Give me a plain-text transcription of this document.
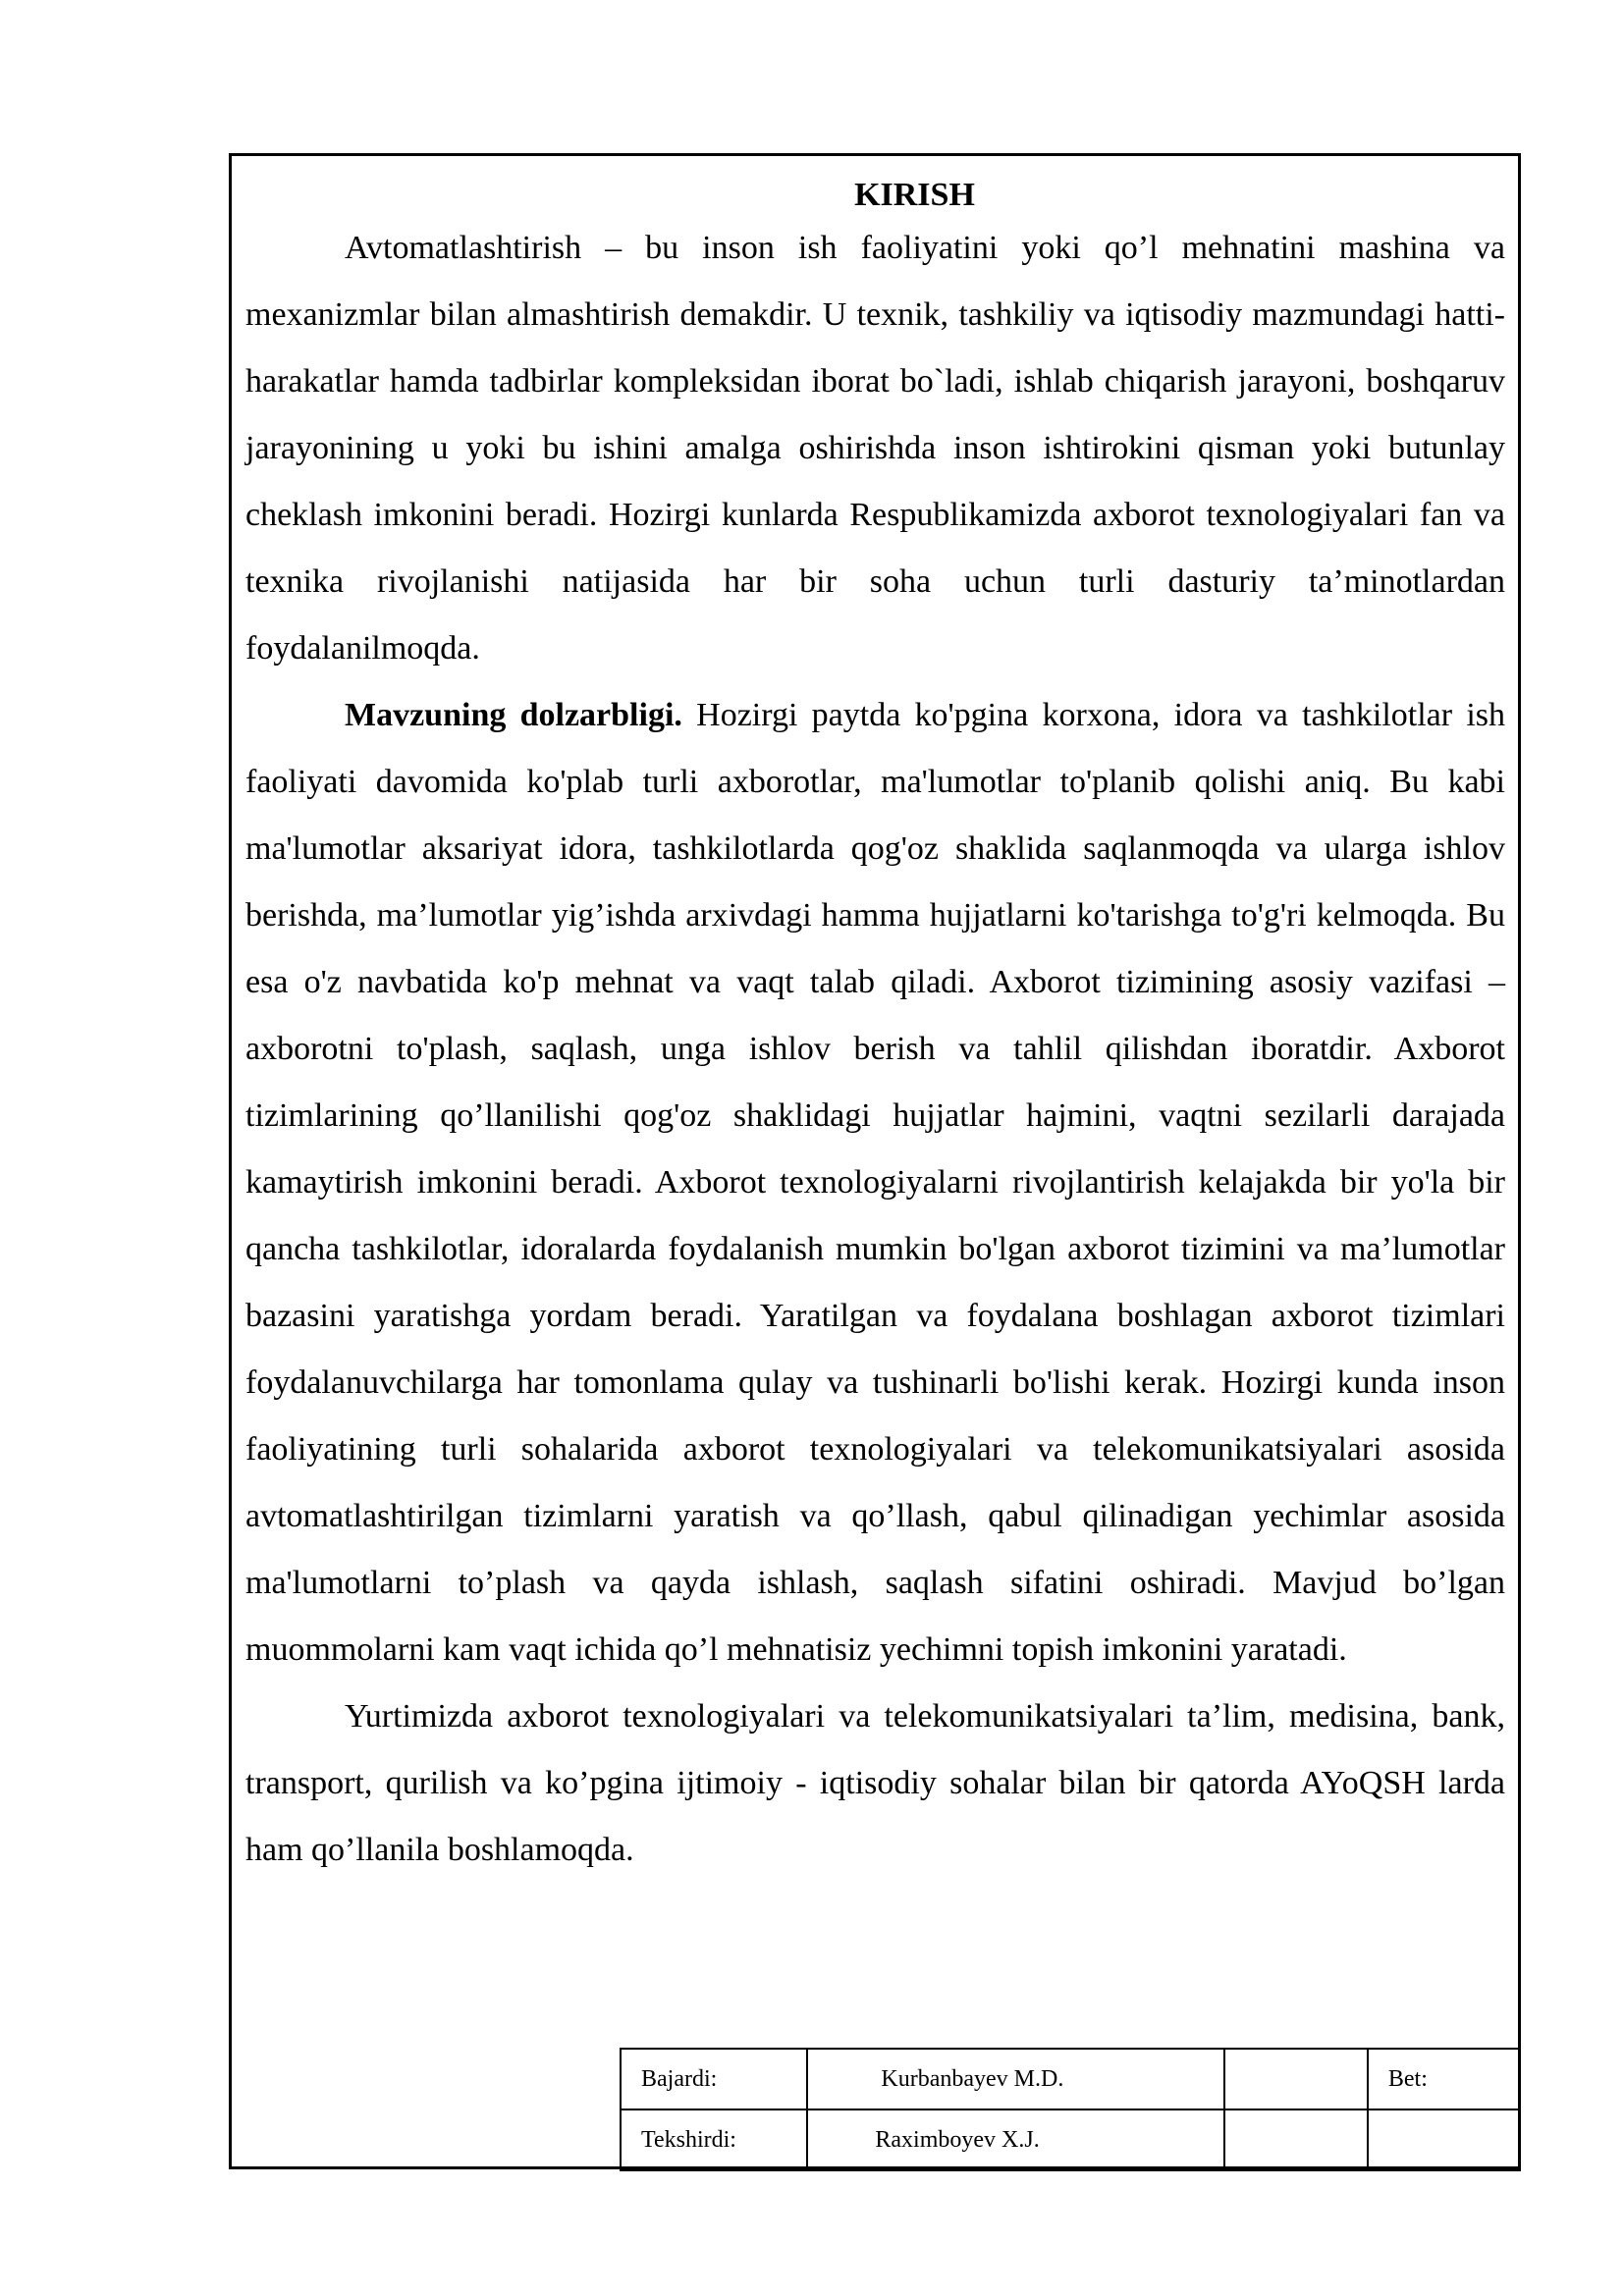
KIRISH

Avtomatlashtirish – bu inson ish faoliyatini yoki qo’l mehnatini mashina va mexanizmlar bilan almashtirish demakdir. U texnik, tashkiliy va iqtisodiy mazmundagi hatti-harakatlar hamda tadbirlar kompleksidan iborat bo`ladi, ishlab chiqarish jarayoni, boshqaruv jarayonining u yoki bu ishini amalga oshirishda inson ishtirokini qisman yoki butunlay cheklash imkonini beradi. Hozirgi kunlarda Respublikamizda axborot texnologiyalari fan va texnika rivojlanishi natijasida har bir soha uchun turli dasturiy ta’minotlardan foydalanilmoqda.

Mavzuning dolzarbligi. Hozirgi paytda ko'pgina korxona, idora va tashkilotlar ish faoliyati davomida ko'plab turli axborotlar, ma'lumotlar to'planib qolishi aniq. Bu kabi ma'lumotlar aksariyat idora, tashkilotlarda qog'oz shaklida saqlanmoqda va ularga ishlov berishda, ma’lumotlar yig’ishda arxivdagi hamma hujjatlarni ko'tarishga to'g'ri kelmoqda. Bu esa o'z navbatida ko'p mehnat va vaqt talab qiladi. Axborot tizimining asosiy vazifasi – axborotni to'plash, saqlash, unga ishlov berish va tahlil qilishdan iboratdir. Axborot tizimlarining qo’llanilishi qog'oz shaklidagi hujjatlar hajmini, vaqtni sezilarli darajada kamaytirish imkonini beradi. Axborot texnologiyalarni rivojlantirish kelajakda bir yo'la bir qancha tashkilotlar, idoralarda foydalanish mumkin bo'lgan axborot tizimini va ma’lumotlar bazasini yaratishga yordam beradi. Yaratilgan va foydalana boshlagan axborot tizimlari foydalanuvchilarga har tomonlama qulay va tushinarli bo'lishi kerak. Hozirgi kunda inson faoliyatining turli sohalarida axborot texnologiyalari va telekomunikatsiyalari asosida avtomatlashtirilgan tizimlarni yaratish va qo’llash, qabul qilinadigan yechimlar asosida ma'lumotlarni to’plash va qayda ishlash, saqlash sifatini oshiradi. Mavjud bo’lgan muommolarni kam vaqt ichida qo’l mehnatisiz yechimni topish imkonini yaratadi.

Yurtimizda axborot texnologiyalari va telekomunikatsiyalari ta’lim, medisina, bank, transport, qurilish va ko’pgina ijtimoiy - iqtisodiy sohalar bilan bir qatorda AYoQSH larda ham qo’llanila boshlamoqda.

Bajardi:	Kurbanbayev M.D.		Bet:
Tekshirdi:	Raximboyev X.J.		
